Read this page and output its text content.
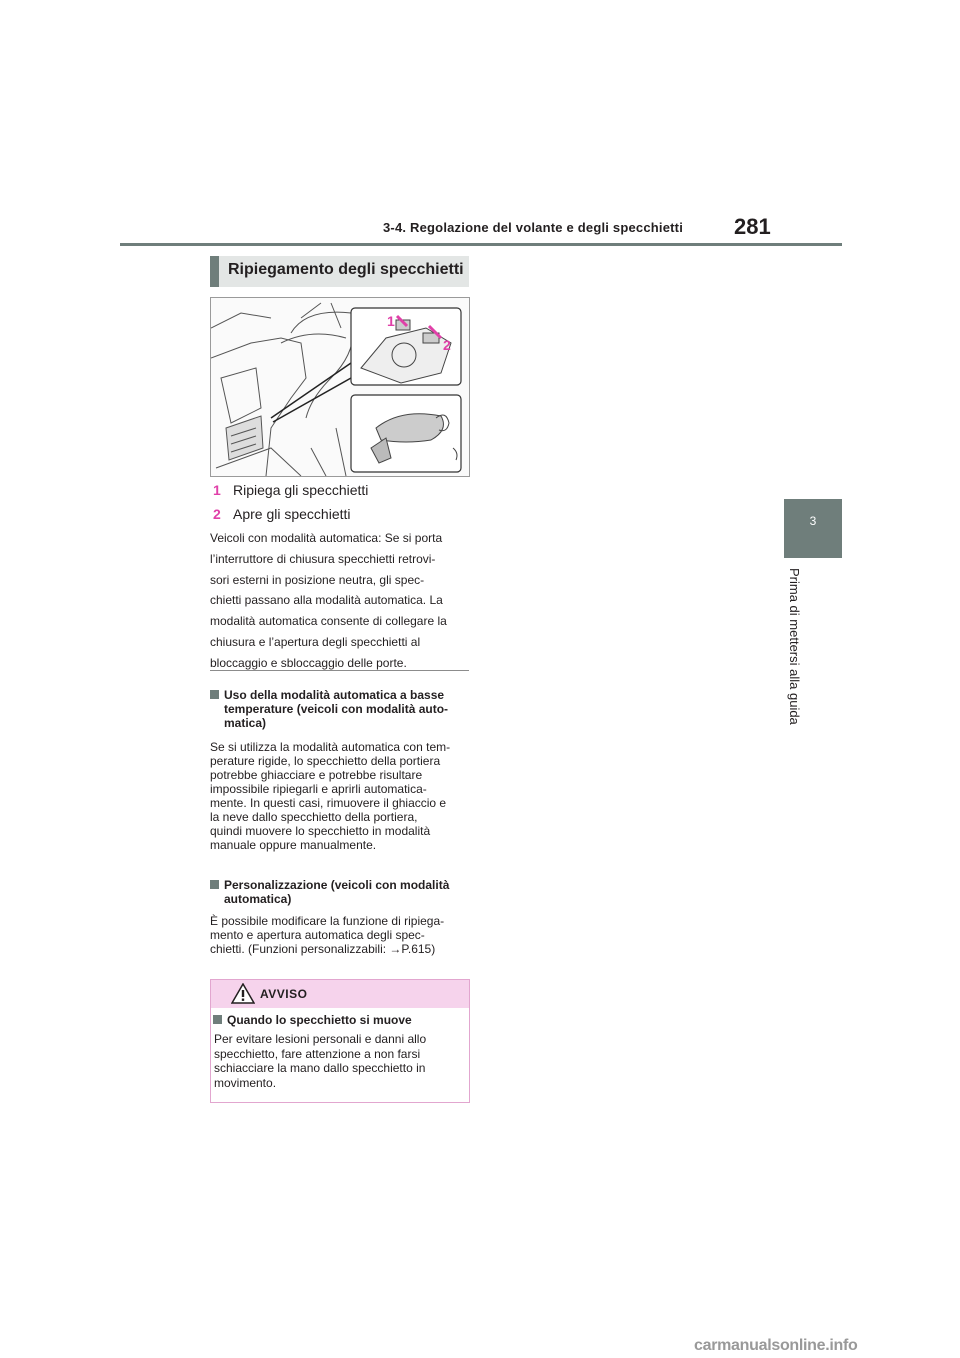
3-4. Regolazione del volante e degli specchietti 281
3
Prima di mettersi alla guida
Ripiegamento degli specchietti
1
2
1 Ripiega gli specchietti
2 Apre gli specchietti
Veicoli con modalità automatica: Se si porta
l’interruttore di chiusura specchietti retrovi-
sori esterni in posizione neutra, gli spec-
chietti passano alla modalità automatica. La
modalità automatica consente di collegare la
chiusura e l’apertura degli specchietti al
bloccaggio e sbloccaggio delle porte.
Uso della modalità automatica a basse
temperature (veicoli con modalità auto-
matica)
Se si utilizza la modalità automatica con tem-
perature rigide, lo specchietto della portiera
potrebbe ghiacciare e potrebbe risultare
impossibile ripiegarli e aprirli automatica-
mente. In questi casi, rimuovere il ghiaccio e
la neve dallo specchietto della portiera,
quindi muovere lo specchietto in modalità
manuale oppure manualmente.
Personalizzazione (veicoli con modalità
automatica)
È possibile modificare la funzione di ripiega-
mento e apertura automatica degli spec-
chietti. (Funzioni personalizzabili: →P.615)
AVVISO
Quando lo specchietto si muove
Per evitare lesioni personali e danni allo
specchietto, fare attenzione a non farsi
schiacciare la mano dallo specchietto in
movimento.
carmanualsonline.info
